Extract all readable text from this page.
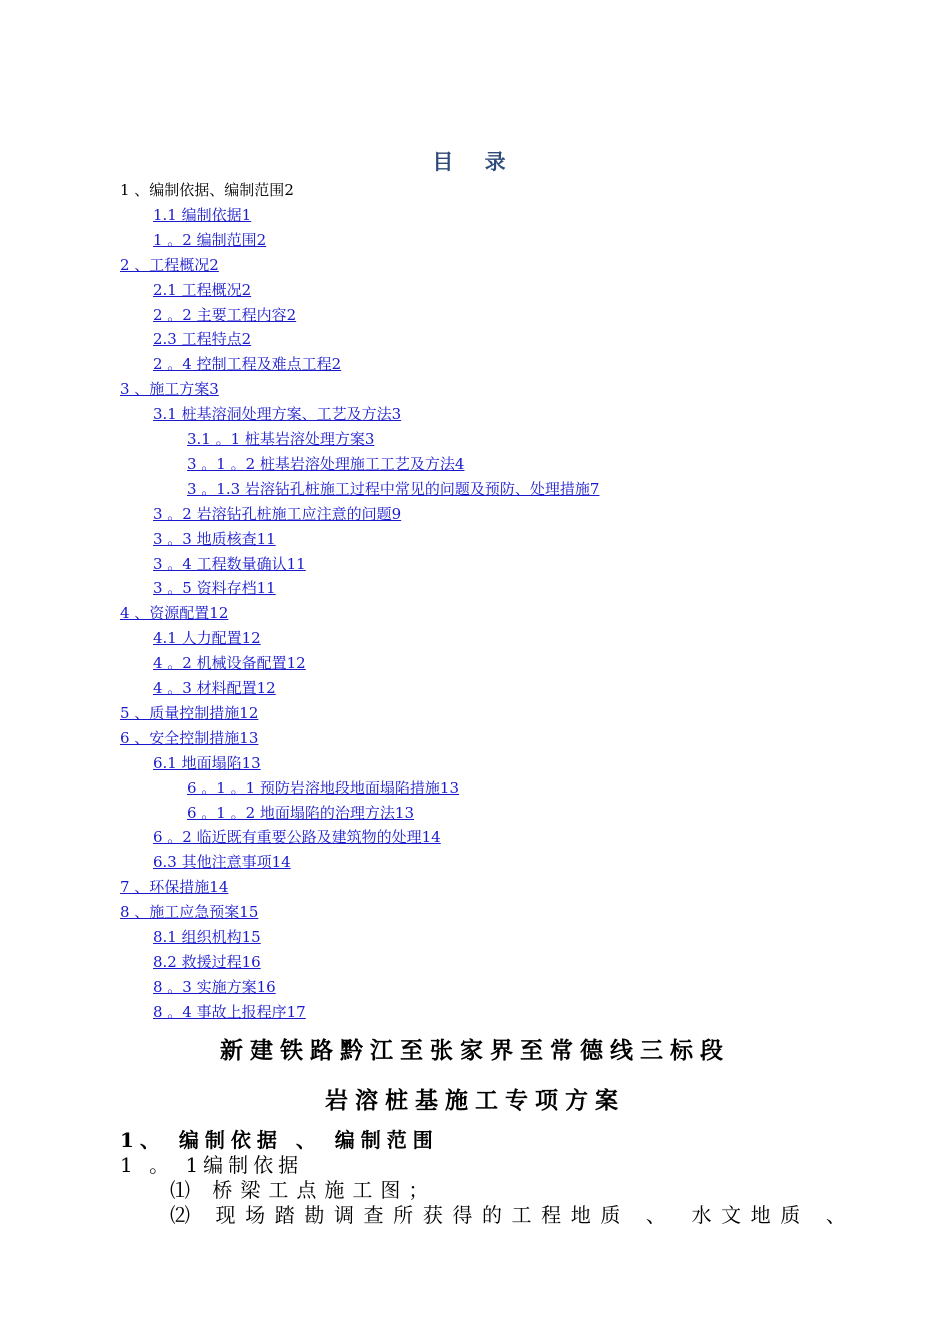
目 录
1 、编制依据、编制范围2
1.1 编制依据1
1 。2 编制范围2
2 、工程概况2
2.1 工程概况2
2 。2 主要工程内容2
2.3 工程特点2
2 。4 控制工程及难点工程2
3 、施工方案3
3.1 桩基溶洞处理方案、工艺及方法3
3.1 。1 桩基岩溶处理方案3
3 。1 。2 桩基岩溶处理施工工艺及方法4
3 。1.3 岩溶钻孔桩施工过程中常见的问题及预防、处理措施7
3 。2 岩溶钻孔桩施工应注意的问题9
3 。3 地质核查11
3 。4 工程数量确认11
3 。5 资料存档11
4 、资源配置12
4.1 人力配置12
4 。2 机械设备配置12
4 。3 材料配置12
5 、质量控制措施12
6 、安全控制措施13
6.1 地面塌陷13
6 。1 。1 预防岩溶地段地面塌陷措施13
6 。1 。2 地面塌陷的治理方法13
6 。2 临近既有重要公路及建筑物的处理14
6.3 其他注意事项14
7 、环保措施14
8 、施工应急预案15
8.1 组织机构15
8.2 救援过程16
8 。3 实施方案16
8 。4 事故上报程序17
新建铁路黔江至张家界至常德线三标段
岩溶桩基施工专项方案
1、 编制依据 、 编制范围
1 。 1编制依据
⑴ 桥梁工点施工图；
⑵ 现场踏勘调查所获得的工程地质 、 水文地质 、
